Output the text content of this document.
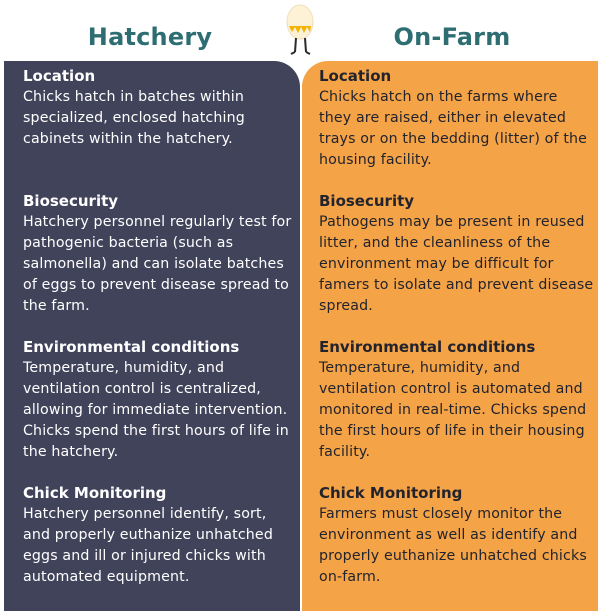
Hatchery	On-Farm

Location

Chicks hatch in batches within specialized, enclosed hatching cabinets within the hatchery.

Biosecurity

Hatchery personnel regularly test for pathogenic bacteria (such as salmonella) and can isolate batches of eggs to prevent disease spread to the farm.

Environmental conditions

Temperature, humidity, and ventilation control is centralized, allowing for immediate intervention. Chicks spend the first hours of life in the hatchery.

Chick Monitoring

Hatchery personnel identify, sort, and properly euthanize unhatched eggs and ill or injured chicks with automated equipment.

Location

Chicks hatch on the farms where they are raised, either in elevated trays or on the bedding (litter) of the housing facility.

Biosecurity

Pathogens may be present in reused litter, and the cleanliness of the environment may be difficult for famers to isolate and prevent disease spread.

Environmental conditions

Temperature, humidity, and ventilation control is automated and monitored in real-time. Chicks spend the first hours of life in their housing facility.

Chick Monitoring

Farmers must closely monitor the environment as well as identify and properly euthanize unhatched chicks on-farm.
